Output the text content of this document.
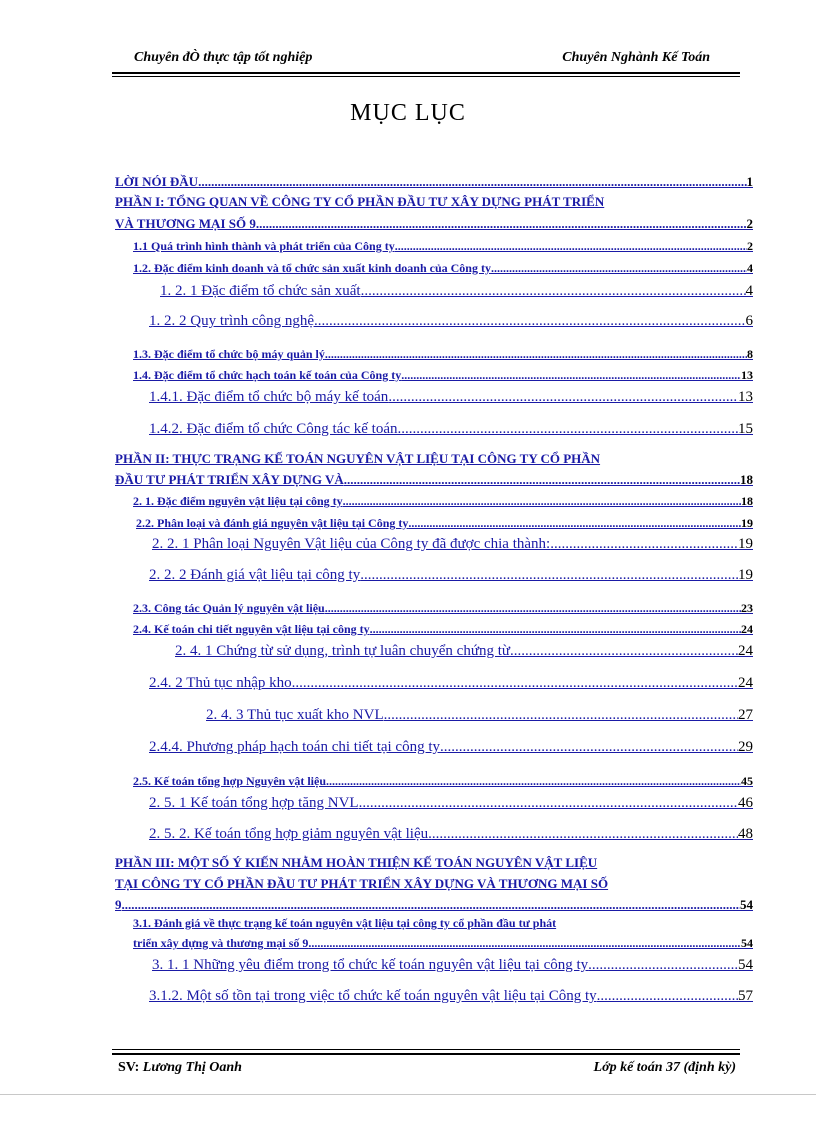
Chuyên đÒ thực tập tốt nghiệp	Chuyên Nghành Kế Toán
MỤC LỤC
LỜI NÓI ĐẦU .....	1
PHẦN I: TỔNG QUAN VỀ CÔNG TY CỔ PHẦN ĐẦU TƯ XÂY DỰNG PHÁT TRIỂN
VÀ THƯƠNG MẠI SỐ 9 .....	2
1.1 Quá trình hình thành và phát triển của Công ty .....	2
1.2. Đặc điểm kinh doanh và tổ chức sản xuất kinh doanh của Công ty .....	4
1. 2. 1 Đặc điểm tổ chức sản xuất .....	4
1. 2. 2 Quy trình công nghệ .....	6
1.3. Đặc điểm tổ chức bộ máy quản lý .....	8
1.4. Đặc điểm tổ chức hạch toán kế toán của Công ty .....	13
1.4.1. Đặc điểm tổ chức bộ máy kế toán .....	13
1.4.2. Đặc điểm tổ chức Công tác kế toán .....	15
PHẦN II: THỰC TRẠNG KẾ TOÁN NGUYÊN VẬT LIỆU TẠI CÔNG TY CỔ PHẦN
ĐẦU TƯ PHÁT TRIỂN XÂY DỰNG VÀ .....	18
2. 1. Đặc điểm nguyên vật liệu tại công ty .....	18
2.2. Phân loại và đánh giá nguyên vật liệu tại Công ty .....	19
2. 2. 1 Phân loại Nguyên Vật liệu của Công ty đã được chia thành: .....	19
2. 2. 2 Đánh giá vật liệu tại công ty .....	19
2.3. Công tác Quản lý nguyên vật liệu .....	23
2.4. Kế toán chi tiết nguyên vật liệu tại công ty .....	24
2. 4. 1 Chứng từ sử dụng, trình tự luân chuyển chứng từ .....	24
2.4. 2 Thủ tục nhập kho. .....	24
2. 4. 3 Thủ tục xuất kho NVL .....	27
2.4.4. Phương pháp hạch toán chi tiết tại công ty .....	29
2.5. Kế toán tổng hợp Nguyên vật liệu .....	45
2. 5. 1 Kế toán tổng hợp tăng NVL .....	46
2. 5. 2. Kế toán tổng hợp giảm nguyên vật liệu. .....	48
PHẦN III: MỘT SỐ Ý KIẾN NHẰM HOÀN THIỆN KẾ TOÁN NGUYÊN VẬT LIỆU
TẠI CÔNG TY CỔ PHẦN ĐẦU TƯ PHÁT TRIỂN XÂY DỰNG VÀ THƯƠNG MẠI SỐ
9 .....	54
3.1. Đánh giá về thực trạng kế toán nguyên vật liệu tại công ty cổ phần đầu tư phát
triển xây dựng và thương mại số 9 .....	54
3. 1. 1 Những yêu điểm trong tổ chức kế toán nguyên vật liệu tại công ty .....	54
3.1.2. Một số tồn tại trong việc tổ chức kế toán nguyên vật liệu tại Công ty .....	57
SV: Lương Thị Oanh	Lớp kế toán 37 (định kỳ)
